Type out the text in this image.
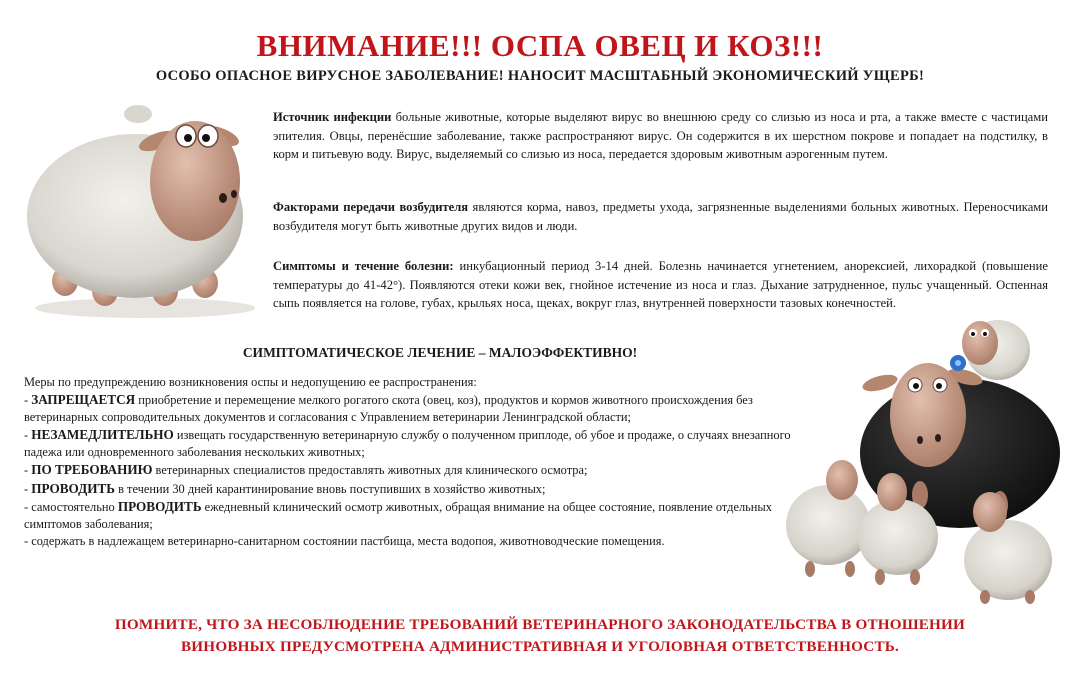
ВНИМАНИЕ!!! ОСПА ОВЕЦ И КОЗ!!!
ОСОБО ОПАСНОЕ ВИРУСНОЕ ЗАБОЛЕВАНИЕ! НАНОСИТ МАСШТАБНЫЙ ЭКОНОМИЧЕСКИЙ УЩЕРБ!
Источник инфекции больные животные, которые выделяют вирус во внешнюю среду со слизью из носа и рта, а также вместе с частицами эпителия. Овцы, перенёсшие заболевание, также распространяют вирус. Он содержится в их шерстном покрове и попадает на подстилку, в корм и питьевую воду. Вирус, выделяемый со слизью из носа, передается здоровым животным аэрогенным путем.
Факторами передачи возбудителя являются корма, навоз, предметы ухода, загрязненные выделениями больных животных. Переносчиками возбудителя могут быть животные других видов и люди.
Симптомы и течение болезни: инкубационный период 3-14 дней. Болезнь начинается угнетением, анорексией, лихорадкой (повышение температуры до 41-42°). Появляются отеки кожи век, гнойное истечение из носа и глаз. Дыхание затрудненное, пульс учащенный. Оспенная сыпь появляется на голове, губах, крыльях носа, щеках, вокруг глаз, внутренней поверхности тазовых конечностей.
СИМПТОМАТИЧЕСКОЕ ЛЕЧЕНИЕ – МАЛОЭФФЕКТИВНО!
Меры по предупреждению возникновения оспы и недопущению ее распространения:
- ЗАПРЕЩАЕТСЯ приобретение и перемещение мелкого рогатого скота (овец, коз), продуктов и кормов животного происхождения без ветеринарных сопроводительных документов и согласования с Управлением ветеринарии Ленинградской области;
- НЕЗАМЕДЛИТЕЛЬНО извещать государственную ветеринарную службу о полученном приплоде, об убое и продаже, о случаях внезапного падежа или одновременного заболевания нескольких животных;
- ПО ТРЕБОВАНИЮ ветеринарных специалистов предоставлять животных для клинического осмотра;
- ПРОВОДИТЬ в течении 30 дней карантинирование вновь поступивших в хозяйство животных;
- самостоятельно ПРОВОДИТЬ ежедневный клинический осмотр животных, обращая внимание на общее состояние, появление отдельных симптомов заболевания;
- содержать в надлежащем ветеринарно-санитарном состоянии пастбища, места водопоя, животноводческие помещения.
ПОМНИТЕ, ЧТО ЗА НЕСОБЛЮДЕНИЕ ТРЕБОВАНИЙ ВЕТЕРИНАРНОГО ЗАКОНОДАТЕЛЬСТВА В ОТНОШЕНИИ
ВИНОВНЫХ ПРЕДУСМОТРЕНА АДМИНИСТРАТИВНАЯ И УГОЛОВНАЯ ОТВЕТСТВЕННОСТЬ.
